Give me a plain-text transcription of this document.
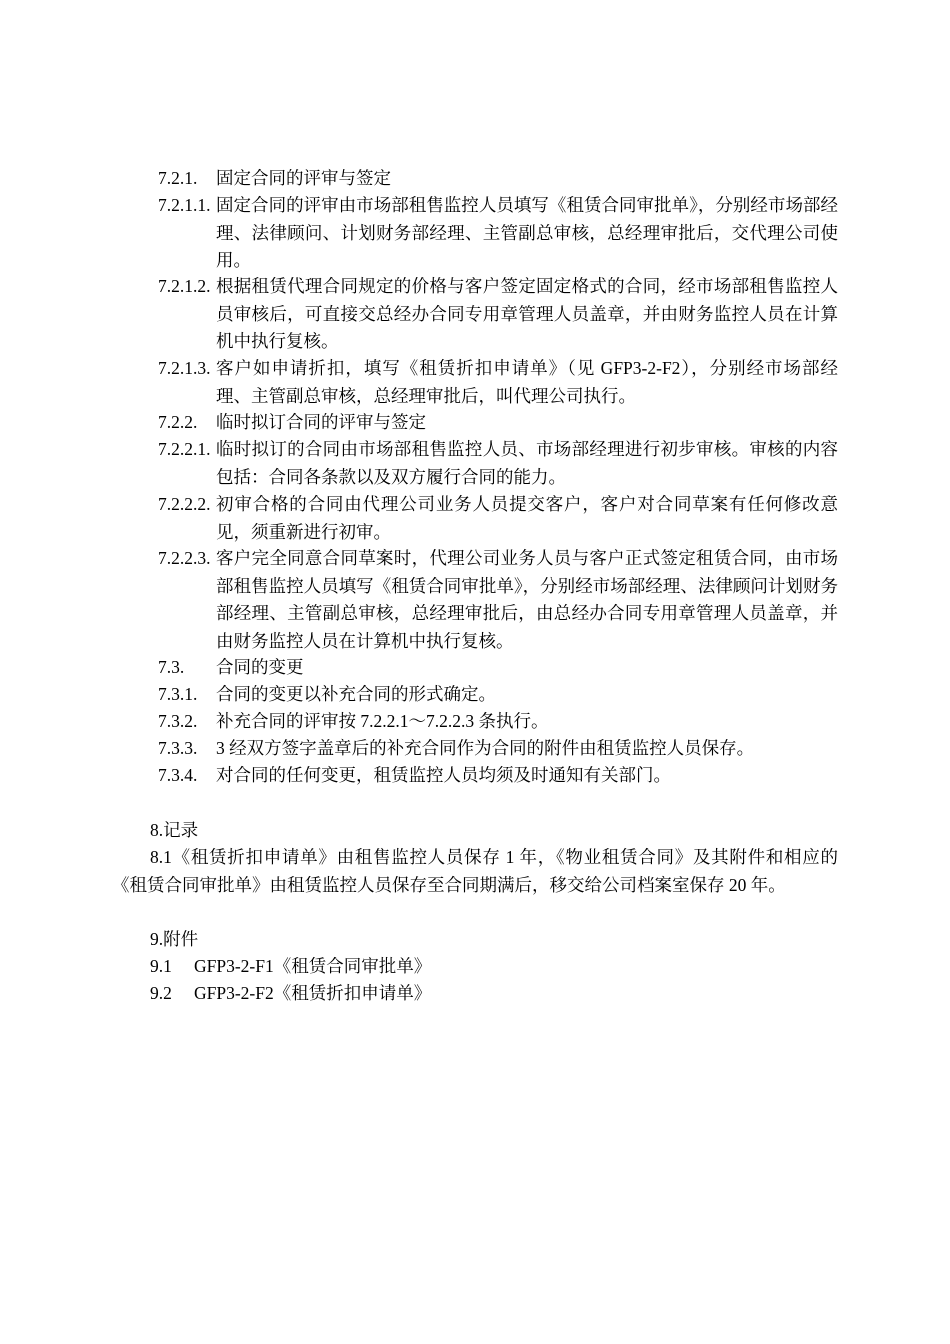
7.2.1. 固定合同的评审与签定
7.2.1.1. 固定合同的评审由市场部租售监控人员填写《租赁合同审批单》，分别经市场部经理、法律顾问、计划财务部经理、主管副总审核，总经理审批后，交代理公司使用。
7.2.1.2. 根据租赁代理合同规定的价格与客户签定固定格式的合同，经市场部租售监控人员审核后，可直接交总经办合同专用章管理人员盖章，并由财务监控人员在计算机中执行复核。
7.2.1.3. 客户如申请折扣，填写《租赁折扣申请单》（见 GFP3-2-F2），分别经市场部经理、主管副总审核，总经理审批后，叫代理公司执行。
7.2.2. 临时拟订合同的评审与签定
7.2.2.1. 临时拟订的合同由市场部租售监控人员、市场部经理进行初步审核。审核的内容包括：合同各条款以及双方履行合同的能力。
7.2.2.2. 初审合格的合同由代理公司业务人员提交客户，客户对合同草案有任何修改意见，须重新进行初审。
7.2.2.3. 客户完全同意合同草案时，代理公司业务人员与客户正式签定租赁合同，由市场部租售监控人员填写《租赁合同审批单》，分别经市场部经理、法律顾问计划财务部经理、主管副总审核，总经理审批后，由总经办合同专用章管理人员盖章，并由财务监控人员在计算机中执行复核。
7.3. 合同的变更
7.3.1. 合同的变更以补充合同的形式确定。
7.3.2. 补充合同的评审按 7.2.2.1～7.2.2.3 条执行。
7.3.3. 3 经双方签字盖章后的补充合同作为合同的附件由租赁监控人员保存。
7.3.4. 对合同的任何变更，租赁监控人员均须及时通知有关部门。
8.记录
8.1《租赁折扣申请单》由租售监控人员保存 1 年，《物业租赁合同》及其附件和相应的《租赁合同审批单》由租赁监控人员保存至合同期满后，移交给公司档案室保存 20 年。
9.附件
9.1 GFP3-2-F1《租赁合同审批单》
9.2 GFP3-2-F2《租赁折扣申请单》
